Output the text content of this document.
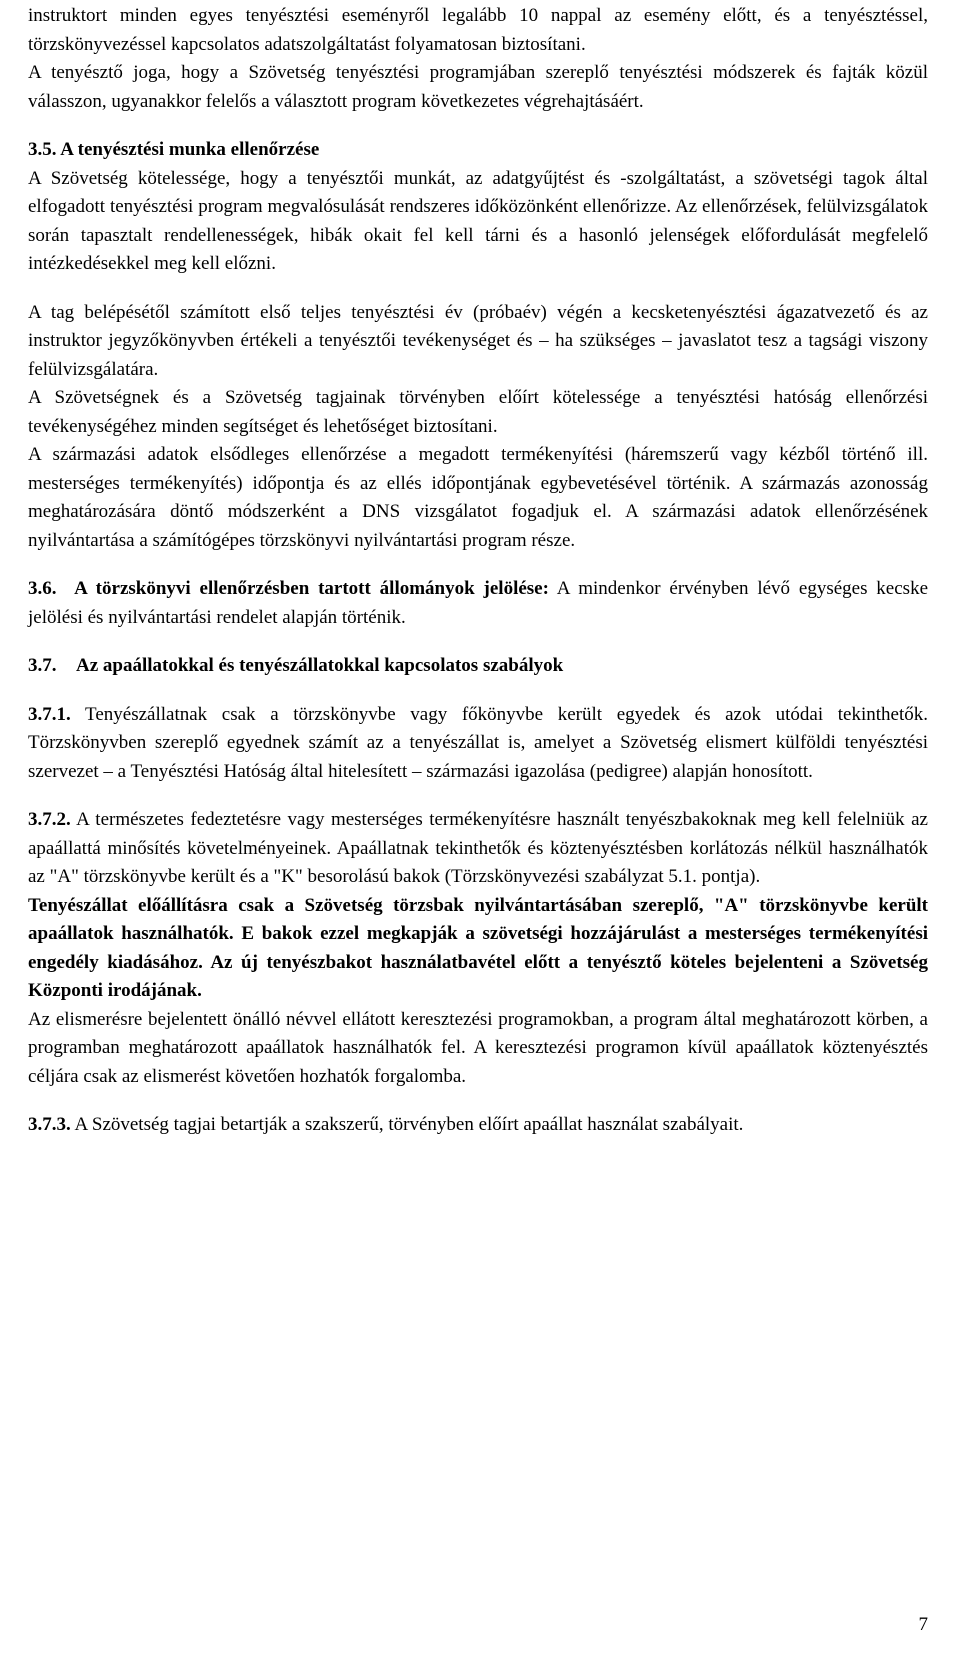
instruktort minden egyes tenyésztési eseményről legalább 10 nappal az esemény előtt, és a tenyésztéssel, törzskönyvezéssel kapcsolatos adatszolgáltatást folyamatosan biztosítani.

A tenyésztő joga, hogy a Szövetség tenyésztési programjában szereplő tenyésztési módszerek és fajták közül válasszon, ugyanakkor felelős a választott program következetes végrehajtásáért.

3.5. A tenyésztési munka ellenőrzése

A Szövetség kötelessége, hogy a tenyésztői munkát, az adatgyűjtést és -szolgáltatást, a szövetségi tagok által elfogadott tenyésztési program megvalósulását rendszeres időközönként ellenőrizze. Az ellenőrzések, felülvizsgálatok során tapasztalt rendellenességek, hibák okait fel kell tárni és a hasonló jelenségek előfordulását megfelelő intézkedésekkel meg kell előzni.

A tag belépésétől számított első teljes tenyésztési év (próbaév) végén a kecsketenyésztési ágazatvezető és az instruktor jegyzőkönyvben értékeli a tenyésztői tevékenységet és – ha szükséges – javaslatot tesz a tagsági viszony felülvizsgálatára.

A Szövetségnek és a Szövetség tagjainak törvényben előírt kötelessége a tenyésztési hatóság ellenőrzési tevékenységéhez minden segítséget és lehetőséget biztosítani.

A származási adatok elsődleges ellenőrzése a megadott termékenyítési (háremszerű vagy kézből történő ill. mesterséges termékenyítés) időpontja és az ellés időpontjának egybevetésével történik. A származás azonosság meghatározására döntő módszerként a DNS vizsgálatot fogadjuk el. A származási adatok ellenőrzésének nyilvántartása a számítógépes törzskönyvi nyilvántartási program része.

3.6. A törzskönyvi ellenőrzésben tartott állományok jelölése: A mindenkor érvényben lévő egységes kecske jelölési és nyilvántartási rendelet alapján történik.

3.7. Az apaállatokkal és tenyészállatokkal kapcsolatos szabályok

3.7.1. Tenyészállatnak csak a törzskönyvbe vagy főkönyvbe került egyedek és azok utódai tekinthetők. Törzskönyvben szereplő egyednek számít az a tenyészállat is, amelyet a Szövetség elismert külföldi tenyésztési szervezet – a Tenyésztési Hatóság által hitelesített – származási igazolása (pedigree) alapján honosított.

3.7.2. A természetes fedeztetésre vagy mesterséges termékenyítésre használt tenyészbakoknak meg kell felelniük az apaállattá minősítés követelményeinek. Apaállatnak tekinthetők és köztenyésztésben korlátozás nélkül használhatók az "A" törzskönyvbe került és a "K" besorolású bakok (Törzskönyvezési szabályzat 5.1. pontja).

Tenyészállat előállításra csak a Szövetség törzsbak nyilvántartásában szereplő, "A" törzskönyvbe került apaállatok használhatók. E bakok ezzel megkapják a szövetségi hozzájárulást a mesterséges termékenyítési engedély kiadásához. Az új tenyészbakot használatbavétel előtt a tenyésztő köteles bejelenteni a Szövetség Központi irodájának.

Az elismerésre bejelentett önálló névvel ellátott keresztezési programokban, a program által meghatározott körben, a programban meghatározott apaállatok használhatók fel. A keresztezési programon kívül apaállatok köztenyésztés céljára csak az elismerést követően hozhatók forgalomba.

3.7.3. A Szövetség tagjai betartják a szakszerű, törvényben előírt apaállat használat szabályait.

7
